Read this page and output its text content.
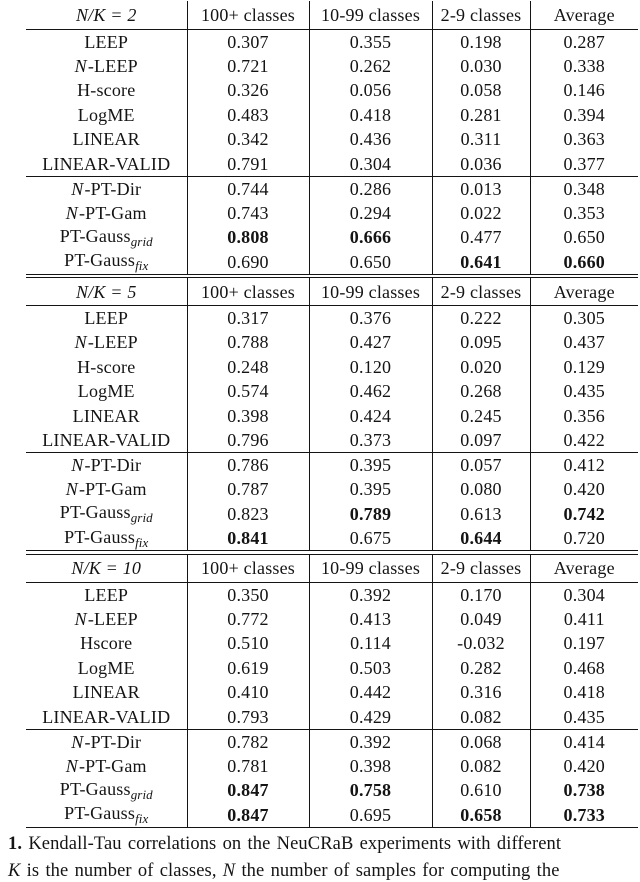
N/K = 2	100+ classes	10-99 classes	2-9 classes	Average
LEEP	0.307	0.355	0.198	0.287
N-LEEP	0.721	0.262	0.030	0.338
H-score	0.326	0.056	0.058	0.146
LogME	0.483	0.418	0.281	0.394
LINEAR	0.342	0.436	0.311	0.363
LINEAR-VALID	0.791	0.304	0.036	0.377
N-PT-Dir	0.744	0.286	0.013	0.348
N-PT-Gam	0.743	0.294	0.022	0.353
PT-Gauss$_{grid}$	0.808	0.666	0.477	0.650
PT-Gauss$_{fix}$	0.690	0.650	0.641	0.660
N/K = 5	100+ classes	10-99 classes	2-9 classes	Average
LEEP	0.317	0.376	0.222	0.305
N-LEEP	0.788	0.427	0.095	0.437
H-score	0.248	0.120	0.020	0.129
LogME	0.574	0.462	0.268	0.435
LINEAR	0.398	0.424	0.245	0.356
LINEAR-VALID	0.796	0.373	0.097	0.422
N-PT-Dir	0.786	0.395	0.057	0.412
N-PT-Gam	0.787	0.395	0.080	0.420
PT-Gauss$_{grid}$	0.823	0.789	0.613	0.742
PT-Gauss$_{fix}$	0.841	0.675	0.644	0.720
N/K = 10	100+ classes	10-99 classes	2-9 classes	Average
LEEP	0.350	0.392	0.170	0.304
N-LEEP	0.772	0.413	0.049	0.411
Hscore	0.510	0.114	-0.032	0.197
LogME	0.619	0.503	0.282	0.468
LINEAR	0.410	0.442	0.316	0.418
LINEAR-VALID	0.793	0.429	0.082	0.435
N-PT-Dir	0.782	0.392	0.068	0.414
N-PT-Gam	0.781	0.398	0.082	0.420
PT-Gauss$_{grid}$	0.847	0.758	0.610	0.738
PT-Gauss$_{fix}$	0.847	0.695	0.658	0.733
1. Kendall-Tau correlations on the NeuCRaB experiments with different
K is the number of classes, N the number of samples for computing the
